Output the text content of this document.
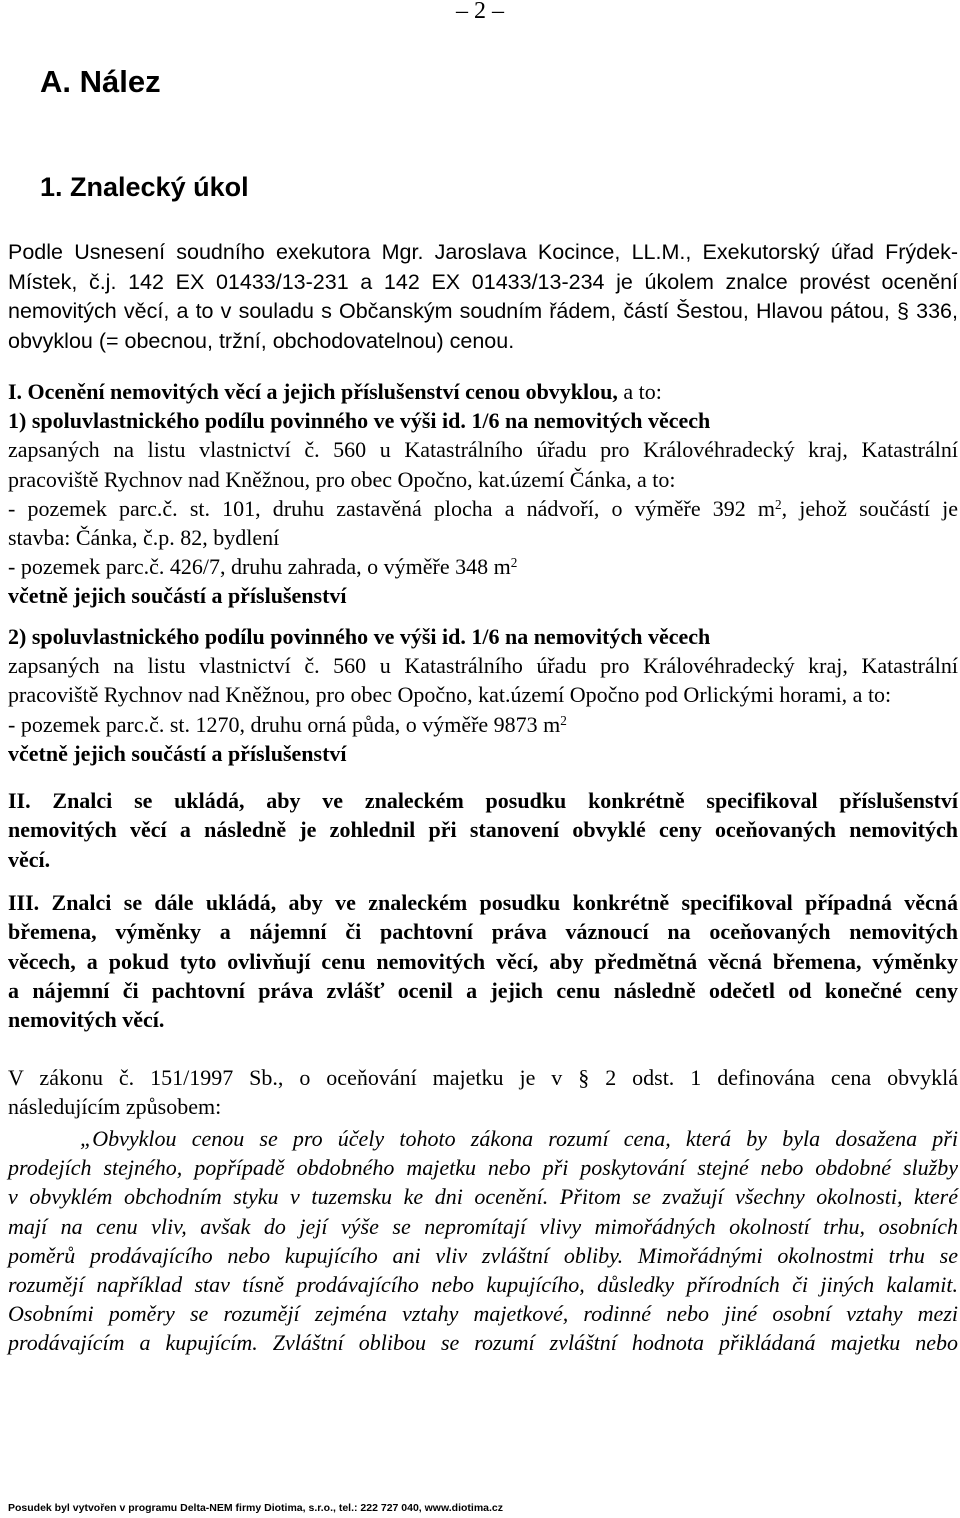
– 2 –
A. Nález
1. Znalecký úkol
Podle Usnesení soudního exekutora Mgr. Jaroslava Kocince, LL.M., Exekutorský úřad Frýdek-
Místek, č.j. 142 EX 01433/13-231 a 142 EX 01433/13-234 je úkolem znalce provést ocenění
nemovitých věcí, a to v souladu s Občanským soudním řádem, částí Šestou, Hlavou pátou, § 336,
obvyklou (= obecnou, tržní, obchodovatelnou) cenou.
I. Ocenění nemovitých věcí a jejich příslušenství cenou obvyklou, a to:
1) spoluvlastnického podílu povinného ve výši id. 1/6 na nemovitých věcech
zapsaných na listu vlastnictví č. 560 u Katastrálního úřadu pro Královéhradecký kraj, Katastrální
pracoviště Rychnov nad Kněžnou, pro obec Opočno, kat.území Čánka, a to:
- pozemek parc.č. st. 101, druhu zastavěná plocha a nádvoří, o výměře 392 $m^2$, jehož součástí je
stavba: Čánka, č.p. 82, bydlení
- pozemek parc.č. 426/7, druhu zahrada, o výměře 348 $m^2$
včetně jejich součástí a příslušenství
2) spoluvlastnického podílu povinného ve výši id. 1/6 na nemovitých věcech
zapsaných na listu vlastnictví č. 560 u Katastrálního úřadu pro Královéhradecký kraj, Katastrální
pracoviště Rychnov nad Kněžnou, pro obec Opočno, kat.území Opočno pod Orlickými horami, a to:
- pozemek parc.č. st. 1270, druhu orná půda, o výměře 9873 $m^2$
včetně jejich součástí a příslušenství
II. Znalci se ukládá, aby ve znaleckém posudku konkrétně specifikoval příslušenství
nemovitých věcí a následně je zohlednil při stanovení obvyklé ceny oceňovaných nemovitých
věcí.
III. Znalci se dále ukládá, aby ve znaleckém posudku konkrétně specifikoval případná věcná
břemena, výměnky a nájemní či pachtovní práva váznoucí na oceňovaných nemovitých
věcech, a pokud tyto ovlivňují cenu nemovitých věcí, aby předmětná věcná břemena, výměnky
a nájemní či pachtovní práva zvlášť ocenil a jejich cenu následně odečetl od konečné ceny
nemovitých věcí.
V zákonu č. 151/1997 Sb., o oceňování majetku je v § 2 odst. 1 definována cena obvyklá
následujícím způsobem:
„Obvyklou cenou se pro účely tohoto zákona rozumí cena, která by byla dosažena při
prodejích stejného, popřípadě obdobného majetku nebo při poskytování stejné nebo obdobné služby
v obvyklém obchodním styku v tuzemsku ke dni ocenění. Přitom se zvažují všechny okolnosti, které
mají na cenu vliv, avšak do její výše se nepromítají vlivy mimořádných okolností trhu, osobních
poměrů prodávajícího nebo kupujícího ani vliv zvláštní obliby. Mimořádnými okolnostmi trhu se
rozumějí například stav tísně prodávajícího nebo kupujícího, důsledky přírodních či jiných kalamit.
Osobními poměry se rozumějí zejména vztahy majetkové, rodinné nebo jiné osobní vztahy mezi
prodávajícím a kupujícím. Zvláštní oblibou se rozumí zvláštní hodnota přikládaná majetku nebo
Posudek byl vytvořen v programu Delta-NEM firmy Diotima, s.r.o., tel.: 222 727 040, www.diotima.cz
